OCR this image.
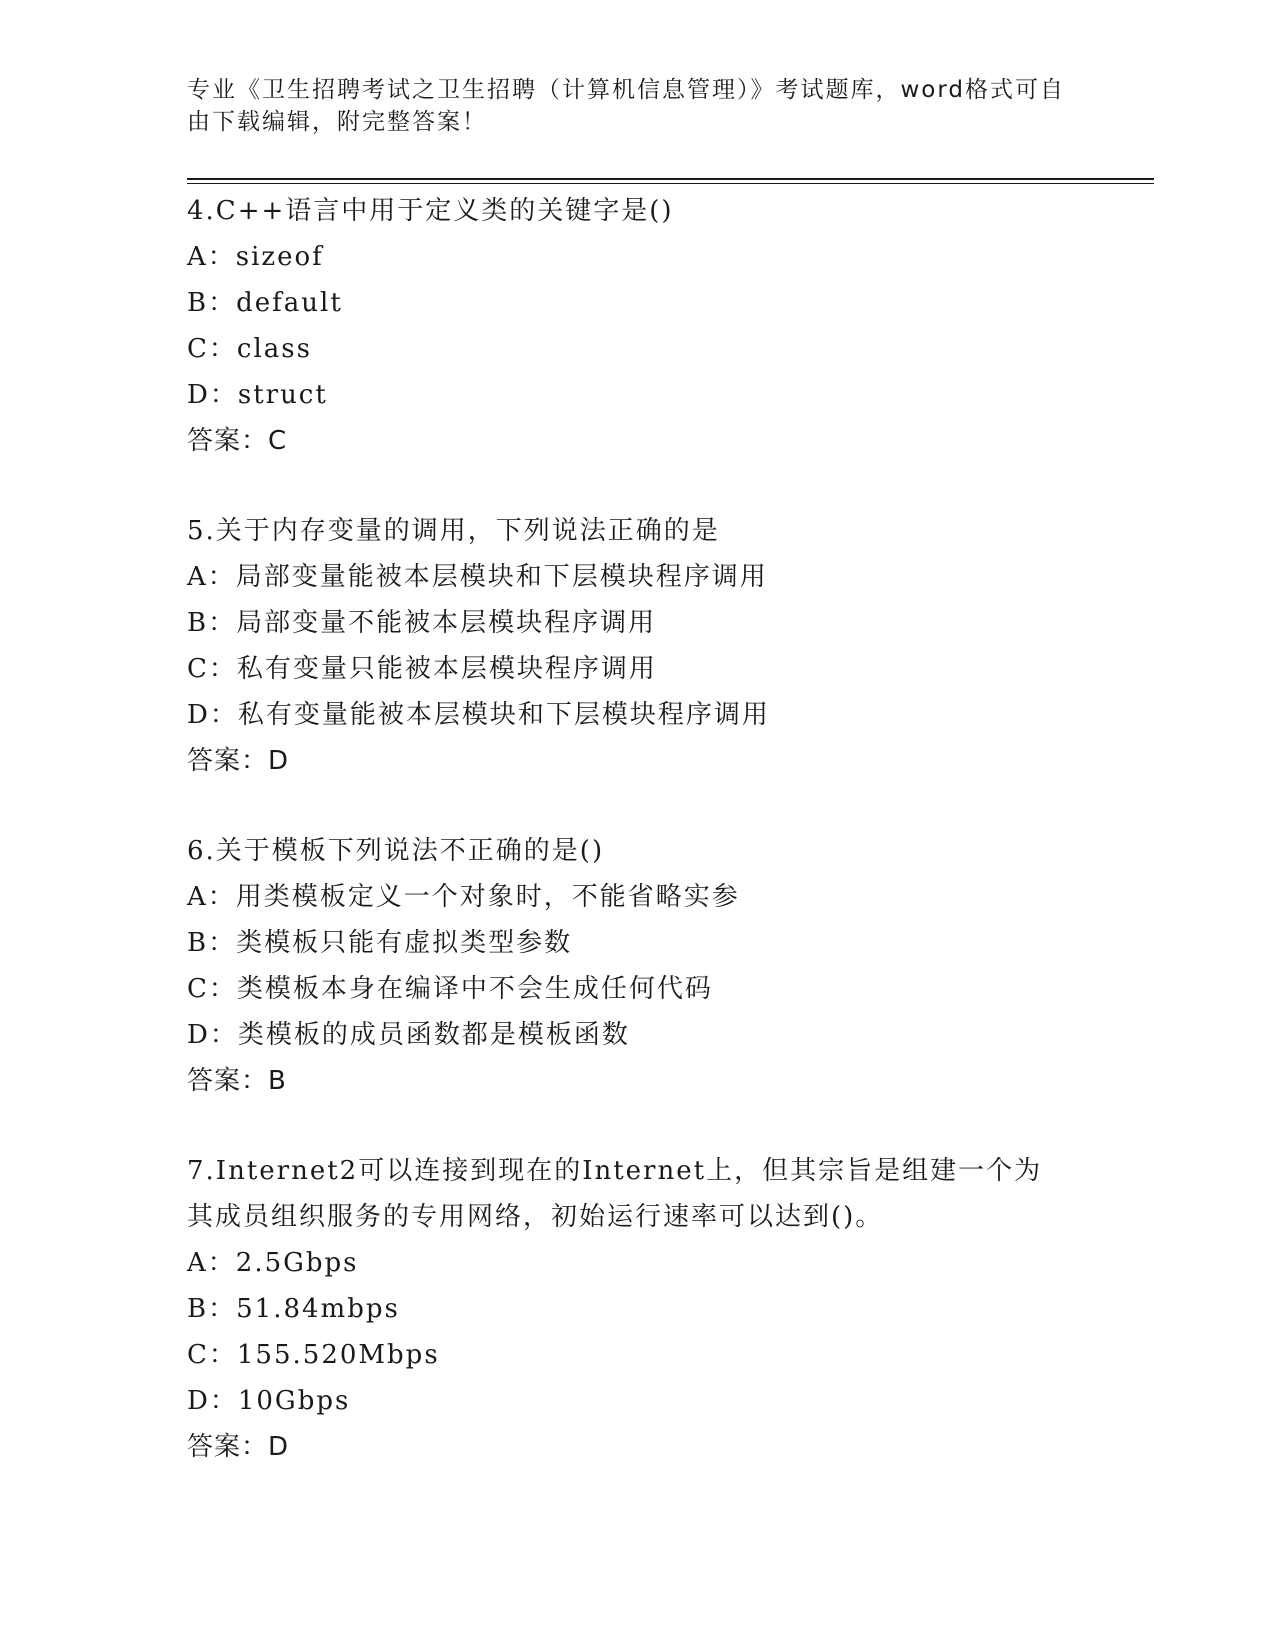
专业《卫生招聘考试之卫生招聘（计算机信息管理）》考试题库，word格式可自由下载编辑，附完整答案！
4.C++语言中用于定义类的关键字是()
A：sizeof
B：default
C：class
D：struct
答案：C
5.关于内存变量的调用，下列说法正确的是
A：局部变量能被本层模块和下层模块程序调用
B：局部变量不能被本层模块程序调用
C：私有变量只能被本层模块程序调用
D：私有变量能被本层模块和下层模块程序调用
答案：D
6.关于模板下列说法不正确的是()
A：用类模板定义一个对象时，不能省略实参
B：类模板只能有虚拟类型参数
C：类模板本身在编译中不会生成任何代码
D：类模板的成员函数都是模板函数
答案：B
7.Internet2可以连接到现在的Internet上，但其宗旨是组建一个为其成员组织服务的专用网络，初始运行速率可以达到()。
A：2.5Gbps
B：51.84mbps
C：155.520Mbps
D：10Gbps
答案：D
